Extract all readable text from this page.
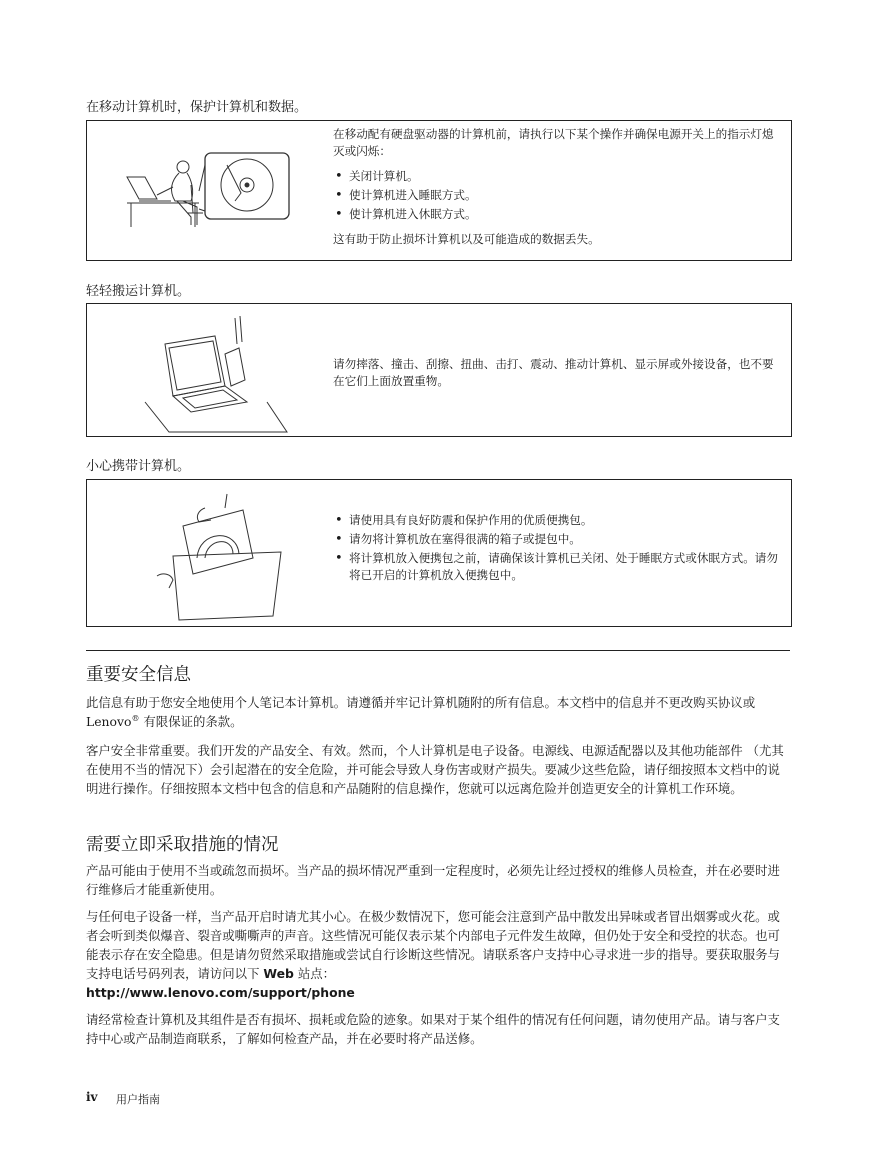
在移动计算机时，保护计算机和数据。
在移动配有硬盘驱动器的计算机前，请执行以下某个操作并确保电源开关上的指示灯熄灭或闪烁：
• 关闭计算机。
• 使计算机进入睡眠方式。
• 使计算机进入休眠方式。
这有助于防止损坏计算机以及可能造成的数据丢失。
轻轻搬运计算机。
请勿摔落、撞击、刮擦、扭曲、击打、震动、推动计算机、显示屏或外接设备，也不要在它们上面放置重物。
小心携带计算机。
• 请使用具有良好防震和保护作用的优质便携包。
• 请勿将计算机放在塞得很满的箱子或提包中。
• 将计算机放入便携包之前，请确保该计算机已关闭、处于睡眠方式或休眠方式。请勿将已开启的计算机放入便携包中。
重要安全信息

此信息有助于您安全地使用个人笔记本计算机。请遵循并牢记计算机随附的所有信息。本文档中的信息并不更改购买协议或 Lenovo® 有限保证的条款。

客户安全非常重要。我们开发的产品安全、有效。然而，个人计算机是电子设备。电源线、电源适配器以及其他功能部件 （尤其在使用不当的情况下）会引起潜在的安全危险，并可能会导致人身伤害或财产损失。要减少这些危险，请仔细按照本文档中的说明进行操作。仔细按照本文档中包含的信息和产品随附的信息操作，您就可以远离危险并创造更安全的计算机工作环境。

需要立即采取措施的情况

产品可能由于使用不当或疏忽而损坏。当产品的损坏情况严重到一定程度时，必须先让经过授权的维修人员检查，并在必要时进行维修后才能重新使用。

与任何电子设备一样，当产品开启时请尤其小心。在极少数情况下，您可能会注意到产品中散发出异味或者冒出烟雾或火花。或者会听到类似爆音、裂音或嘶嘶声的声音。这些情况可能仅表示某个内部电子元件发生故障，但仍处于安全和受控的状态。也可能表示存在安全隐患。但是请勿贸然采取措施或尝试自行诊断这些情况。请联系客户支持中心寻求进一步的指导。要获取服务与支持电话号码列表，请访问以下 Web 站点：
http://www.lenovo.com/support/phone

请经常检查计算机及其组件是否有损坏、损耗或危险的迹象。如果对于某个组件的情况有任何问题，请勿使用产品。请与客户支持中心或产品制造商联系，了解如何检查产品，并在必要时将产品送修。

iv 用户指南
